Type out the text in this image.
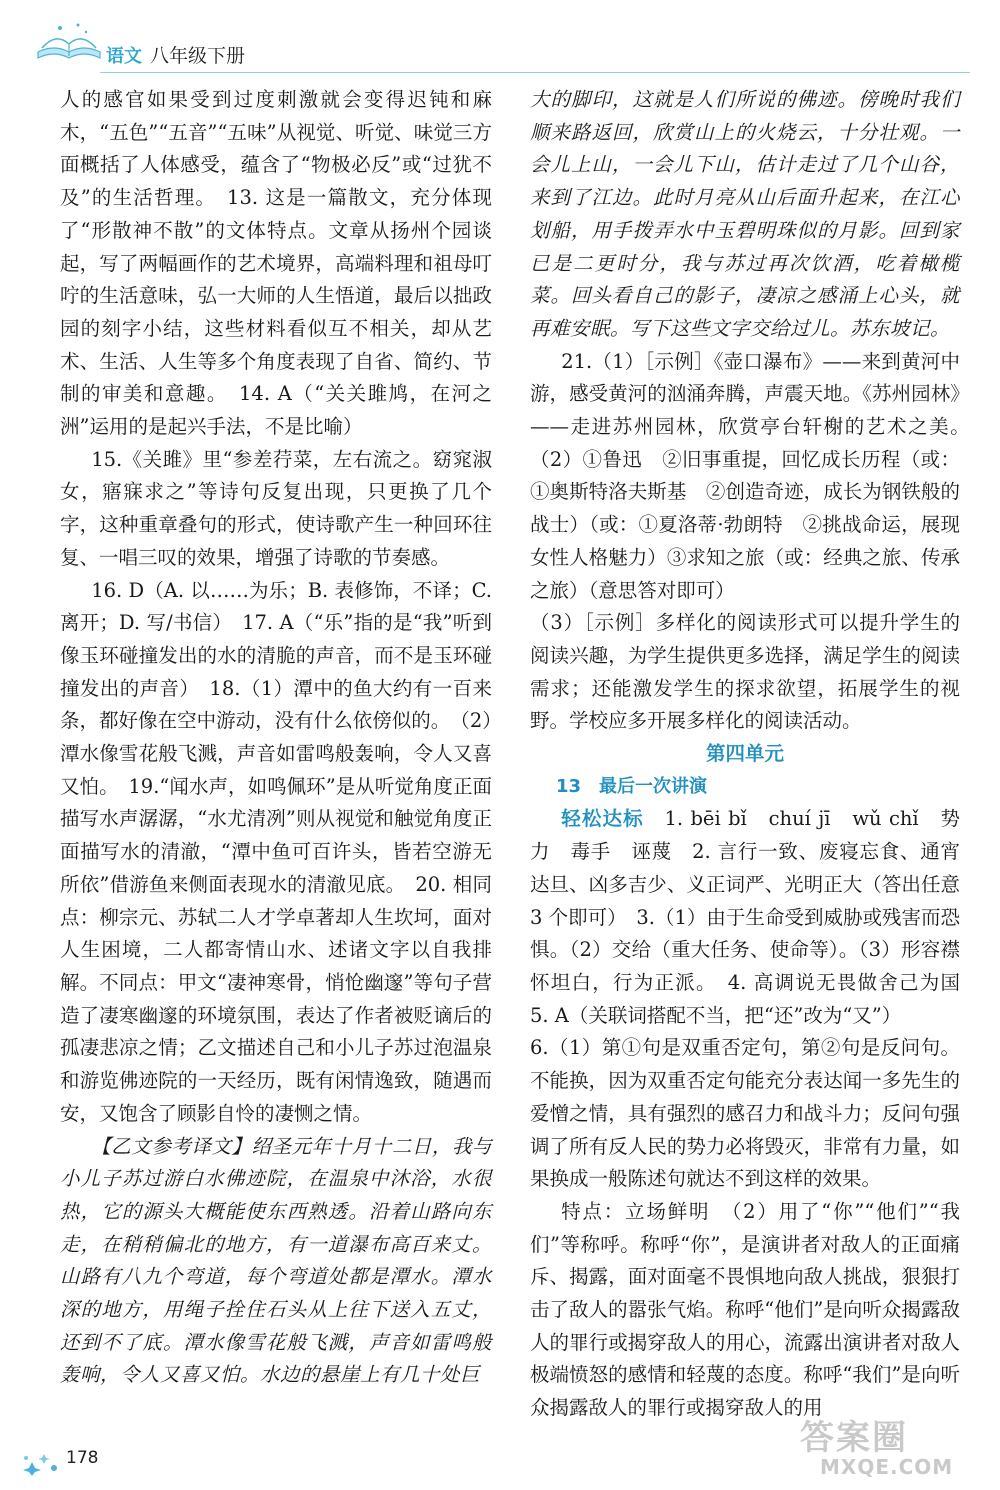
语文 八年级下册

人的感官如果受到过度刺激就会变得迟钝和麻木，“五色”“五音”“五味”从视觉、听觉、味觉三方面概括了人体感受，蕴含了“物极必反”或“过犹不及”的生活哲理。　13. 这是一篇散文，充分体现了“形散神不散”的文体特点。文章从扬州个园谈起，写了两幅画作的艺术境界，高端料理和祖母叮咛的生活意味，弘一大师的人生悟道，最后以拙政园的刻字小结，这些材料看似互不相关，却从艺术、生活、人生等多个角度表现了自省、简约、节制的审美和意趣。　14. A（“关关雎鸠，在河之洲”运用的是起兴手法，不是比喻）

15.《关雎》里“参差荇菜，左右流之。窈窕淑女，寤寐求之”等诗句反复出现，只更换了几个字，这种重章叠句的形式，使诗歌产生一种回环往复、一唱三叹的效果，增强了诗歌的节奏感。

16. D（A. 以……为乐；B. 表修饰，不译；C. 离开；D. 写/书信）　17. A（“乐”指的是“我”听到像玉环碰撞发出的水的清脆的声音，而不是玉环碰撞发出的声音）　18.（1）潭中的鱼大约有一百来条，都好像在空中游动，没有什么依傍似的。　（2）潭水像雪花般飞溅，声音如雷鸣般轰响，令人又喜又怕。　19.“闻水声，如鸣佩环”是从听觉角度正面描写水声潺潺，“水尤清冽”则从视觉和触觉角度正面描写水的清澈，“潭中鱼可百许头，皆若空游无所依”借游鱼来侧面表现水的清澈见底。　20. 相同点：柳宗元、苏轼二人才学卓著却人生坎坷，面对人生困境，二人都寄情山水、述诸文字以自我排解。不同点：甲文“凄神寒骨，悄怆幽邃”等句子营造了凄寒幽邃的环境氛围，表达了作者被贬谪后的孤凄悲凉之情；乙文描述自己和小儿子苏过泡温泉和游览佛迹院的一天经历，既有闲情逸致，随遇而安，又饱含了顾影自怜的凄恻之情。

【乙文参考译文】绍圣元年十月十二日，我与小儿子苏过游白水佛迹院，在温泉中沐浴，水很热，它的源头大概能使东西熟透。沿着山路向东走，在稍稍偏北的地方，有一道瀑布高百来丈。山路有八九个弯道，每个弯道处都是潭水。潭水深的地方，用绳子拴住石头从上往下送入五丈，还到不了底。潭水像雪花般飞溅，声音如雷鸣般轰响，令人又喜又怕。水边的悬崖上有几十处巨

大的脚印，这就是人们所说的佛迹。傍晚时我们顺来路返回，欣赏山上的火烧云，十分壮观。一会儿上山，一会儿下山，估计走过了几个山谷，来到了江边。此时月亮从山后面升起来，在江心划船，用手拨弄水中玉碧明珠似的月影。回到家已是二更时分，我与苏过再次饮酒，吃着橄榄菜。回头看自己的影子，凄凉之感涌上心头，就再难安眠。写下这些文字交给过儿。苏东坡记。

21.（1）［示例］《壶口瀑布》——来到黄河中游，感受黄河的汹涌奔腾，声震天地。《苏州园林》——走进苏州园林，欣赏亭台轩榭的艺术之美。　（2）①鲁迅　②旧事重提，回忆成长历程（或：①奥斯特洛夫斯基　②创造奇迹，成长为钢铁般的战士）（或：①夏洛蒂·勃朗特　②挑战命运，展现女性人格魅力）③求知之旅（或：经典之旅、传承之旅）（意思答对即可）

（3）［示例］多样化的阅读形式可以提升学生的阅读兴趣，为学生提供更多选择，满足学生的阅读需求；还能激发学生的探求欲望，拓展学生的视野。学校应多开展多样化的阅读活动。

第四单元

13　最后一次讲演

轻松达标　1. bēi bǐ　chuí jī　wǔ chǐ　势力　毒手　诬蔑　2. 言行一致、废寝忘食、通宵达旦、凶多吉少、义正词严、光明正大（答出任意 3 个即可）　3.（1）由于生命受到威胁或残害而恐惧。（2）交给（重大任务、使命等）。（3）形容襟怀坦白，行为正派。　4. 高调说无畏做舍己为国　5. A（关联词搭配不当，把“还”改为“又”）

6.（1）第①句是双重否定句，第②句是反问句。不能换，因为双重否定句能充分表达闻一多先生的爱憎之情，具有强烈的感召力和战斗力；反问句强调了所有反人民的势力必将毁灭，非常有力量，如果换成一般陈述句就达不到这样的效果。

特点：立场鲜明　（2）用了“你”“他们”“我们”等称呼。称呼“你”，是演讲者对敌人的正面痛斥、揭露，面对面毫不畏惧地向敌人挑战，狠狠打击了敌人的嚣张气焰。称呼“他们”是向听众揭露敌人的罪行或揭穿敌人的用心，流露出演讲者对敌人极端愤怒的感情和轻蔑的态度。称呼“我们”是向听众揭露敌人的罪行或揭穿敌人的用

178	答案圈
MXQE.COM
